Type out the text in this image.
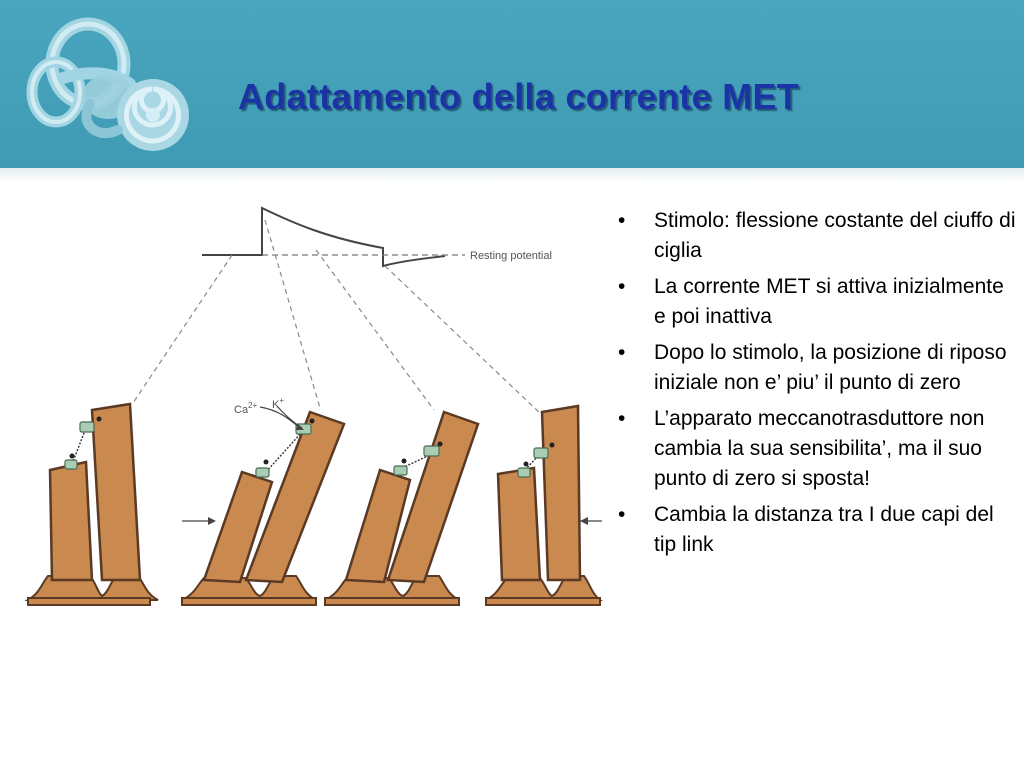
Adattamento della corrente MET
Resting potential
$Ca^{2+}$ K+
• Stimolo: flessione costante del ciuffo di ciglia
• La corrente MET si attiva inizialmente e poi inattiva
• Dopo lo stimolo, la posizione di riposo iniziale non e’ piu’ il punto di zero
• L’apparato meccanotrasduttore non cambia la sua sensibilita’, ma il suo punto di zero si sposta!
• Cambia la distanza tra I due capi del tip link
